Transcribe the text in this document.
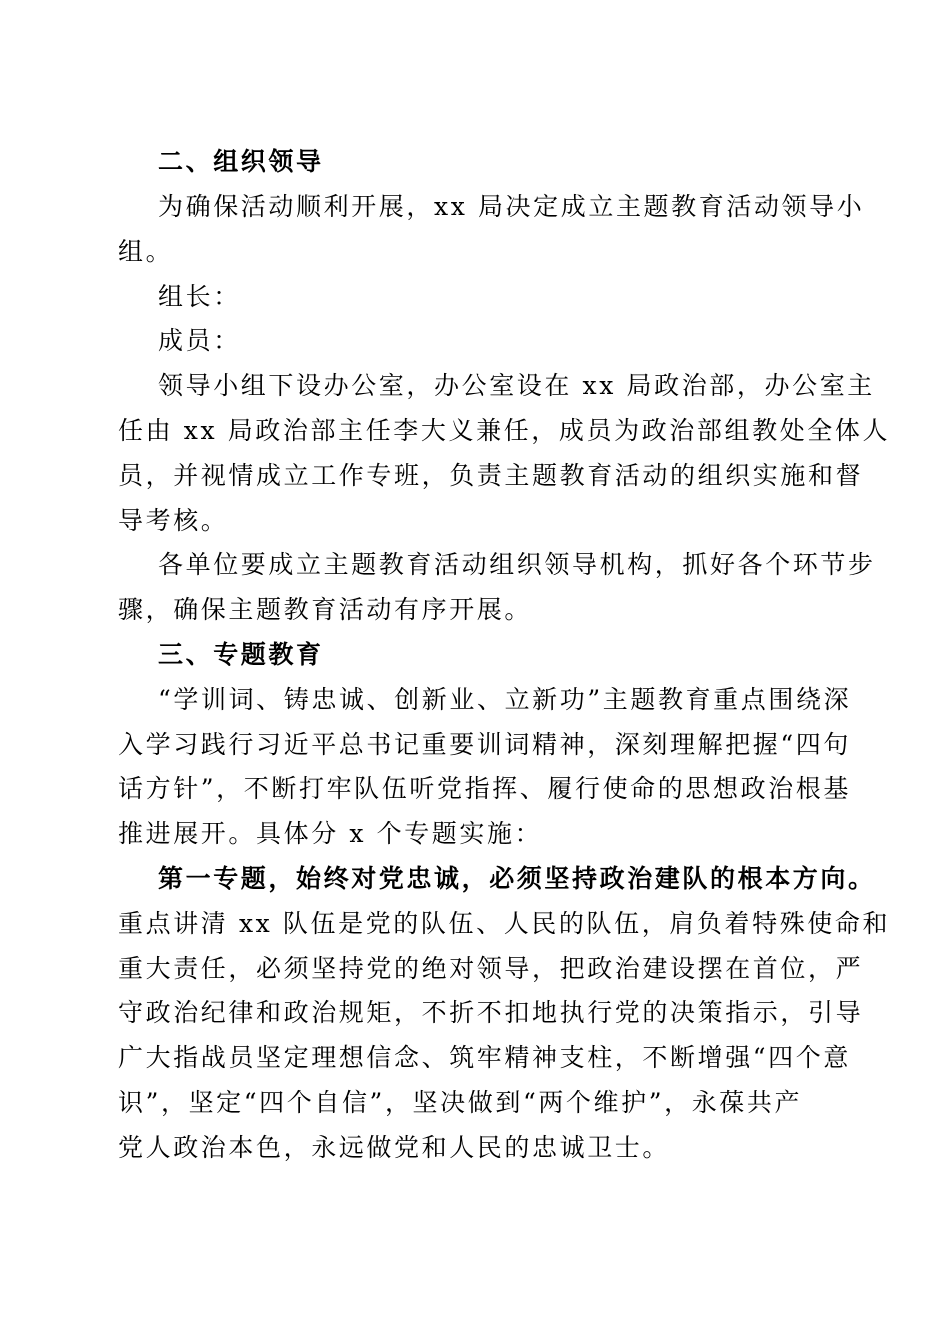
二、组织领导
为确保活动顺利开展，xx 局决定成立主题教育活动领导小
组。
组长：
成员：
领导小组下设办公室，办公室设在 xx 局政治部，办公室主
任由 xx 局政治部主任李大义兼任，成员为政治部组教处全体人
员，并视情成立工作专班，负责主题教育活动的组织实施和督
导考核。
各单位要成立主题教育活动组织领导机构，抓好各个环节步
骤，确保主题教育活动有序开展。
三、专题教育
“学训词、铸忠诚、创新业、立新功”主题教育重点围绕深
入学习践行习近平总书记重要训词精神，深刻理解把握“四句
话方针”，不断打牢队伍听党指挥、履行使命的思想政治根基
推进展开。具体分 x 个专题实施：
第一专题，始终对党忠诚，必须坚持政治建队的根本方向。
重点讲清 xx 队伍是党的队伍、人民的队伍，肩负着特殊使命和
重大责任，必须坚持党的绝对领导，把政治建设摆在首位，严
守政治纪律和政治规矩，不折不扣地执行党的决策指示，引导
广大指战员坚定理想信念、筑牢精神支柱，不断增强“四个意
识”，坚定“四个自信”，坚决做到“两个维护”，永葆共产
党人政治本色，永远做党和人民的忠诚卫士。
